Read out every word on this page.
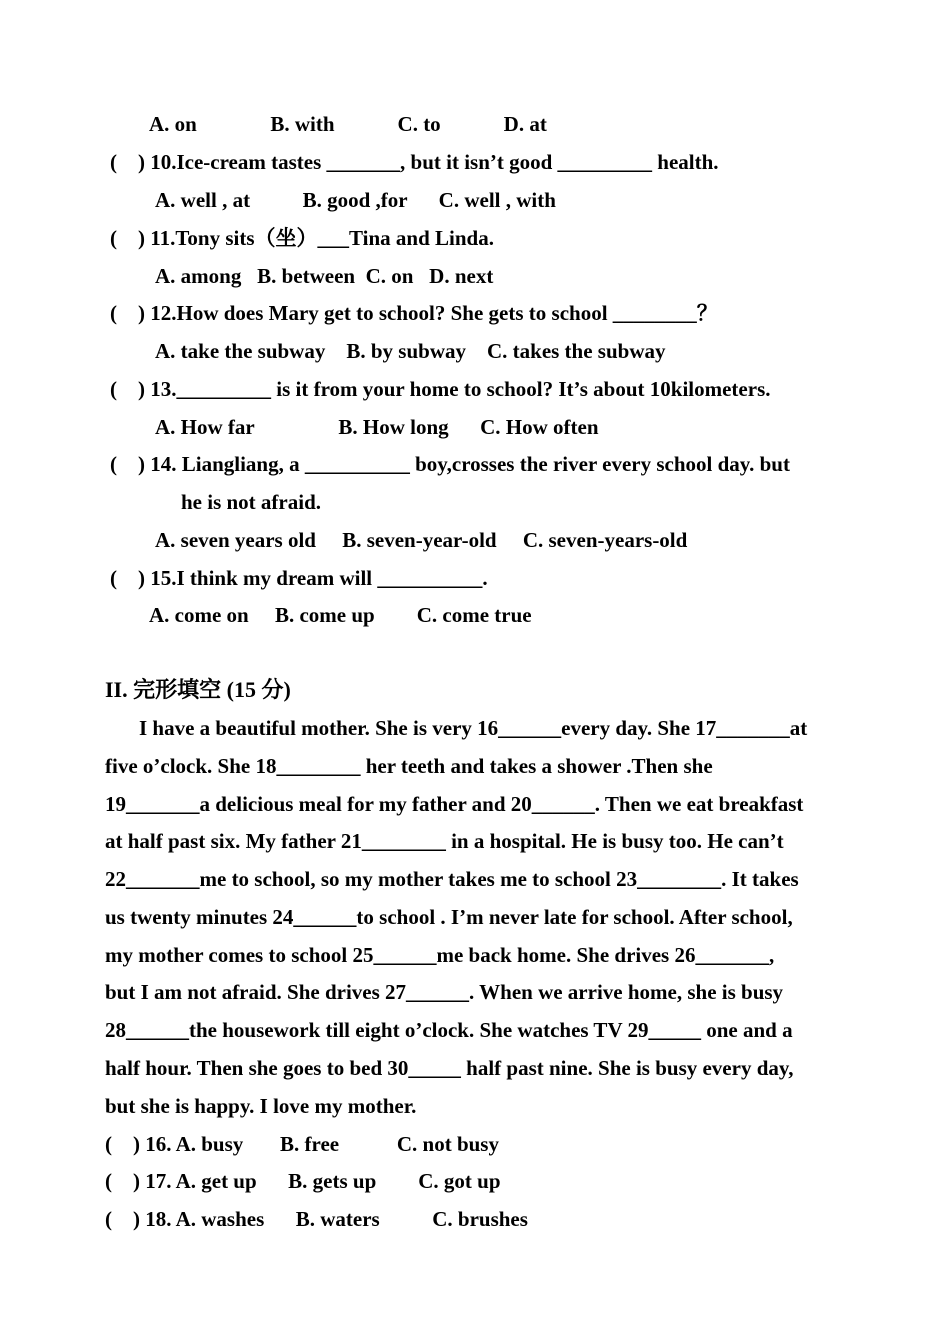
A. on              B. with            C. to            D. at
(    ) 10.Ice-cream tastes _______, but it isn’t good _________ health.
A. well , at          B. good ,for      C. well , with
(    ) 11.Tony sits（坐）___Tina and Linda.
A. among   B. between  C. on   D. next
(    ) 12.How does Mary get to school? She gets to school ________？
A. take the subway    B. by subway    C. takes the subway
(    ) 13._________ is it from your home to school? It’s about 10kilometers.
A. How far                B. How long      C. How often
(    ) 14. Liangliang, a __________ boy,crosses the river every school day. but
he is not afraid.
A. seven years old     B. seven-year-old     C. seven-years-old
(    ) 15.I think my dream will __________.
A. come on     B. come up        C. come true
II. 完形填空 (15 分)
I have a beautiful mother. She is very 16______every day. She 17_______at
five o’clock. She 18________ her teeth and takes a shower .Then she
19_______a delicious meal for my father and 20______. Then we eat breakfast
at half past six. My father 21________ in a hospital. He is busy too. He can’t
22_______me to school, so my mother takes me to school 23________. It takes
us twenty minutes 24______to school . I’m never late for school. After school,
my mother comes to school 25______me back home. She drives 26_______,
but I am not afraid. She drives 27______. When we arrive home, she is busy
28______the housework till eight o’clock. She watches TV 29_____ one and a
half hour. Then she goes to bed 30_____ half past nine. She is busy every day,
but she is happy. I love my mother.
(    ) 16. A. busy       B. free           C. not busy
(    ) 17. A. get up      B. gets up        C. got up
(    ) 18. A. washes      B. waters          C. brushes
